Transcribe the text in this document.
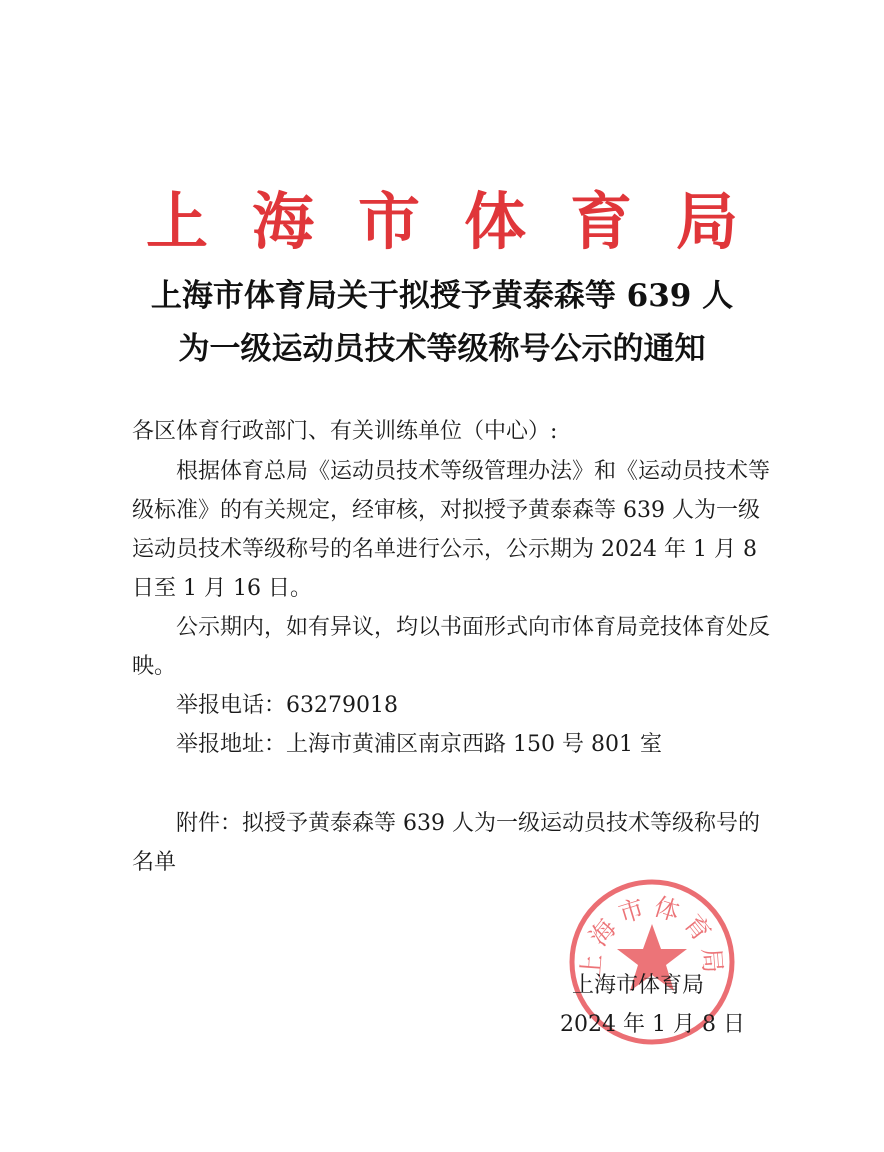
上海市体育局
上海市体育局关于拟授予黄泰森等 639 人
为一级运动员技术等级称号公示的通知

各区体育行政部门、有关训练单位（中心）:

根据体育总局《运动员技术等级管理办法》和《运动员技术等级标准》的有关规定，经审核，对拟授予黄泰森等 639 人为一级运动员技术等级称号的名单进行公示，公示期为 2024 年 1 月 8 日至 1 月 16 日。

公示期内，如有异议，均以书面形式向市体育局竞技体育处反映。

举报电话：63279018

举报地址：上海市黄浦区南京西路 150 号 801 室

附件：拟授予黄泰森等 639 人为一级运动员技术等级称号的名单

上海市体育局
上海市体育局
2024 年 1 月 8 日
